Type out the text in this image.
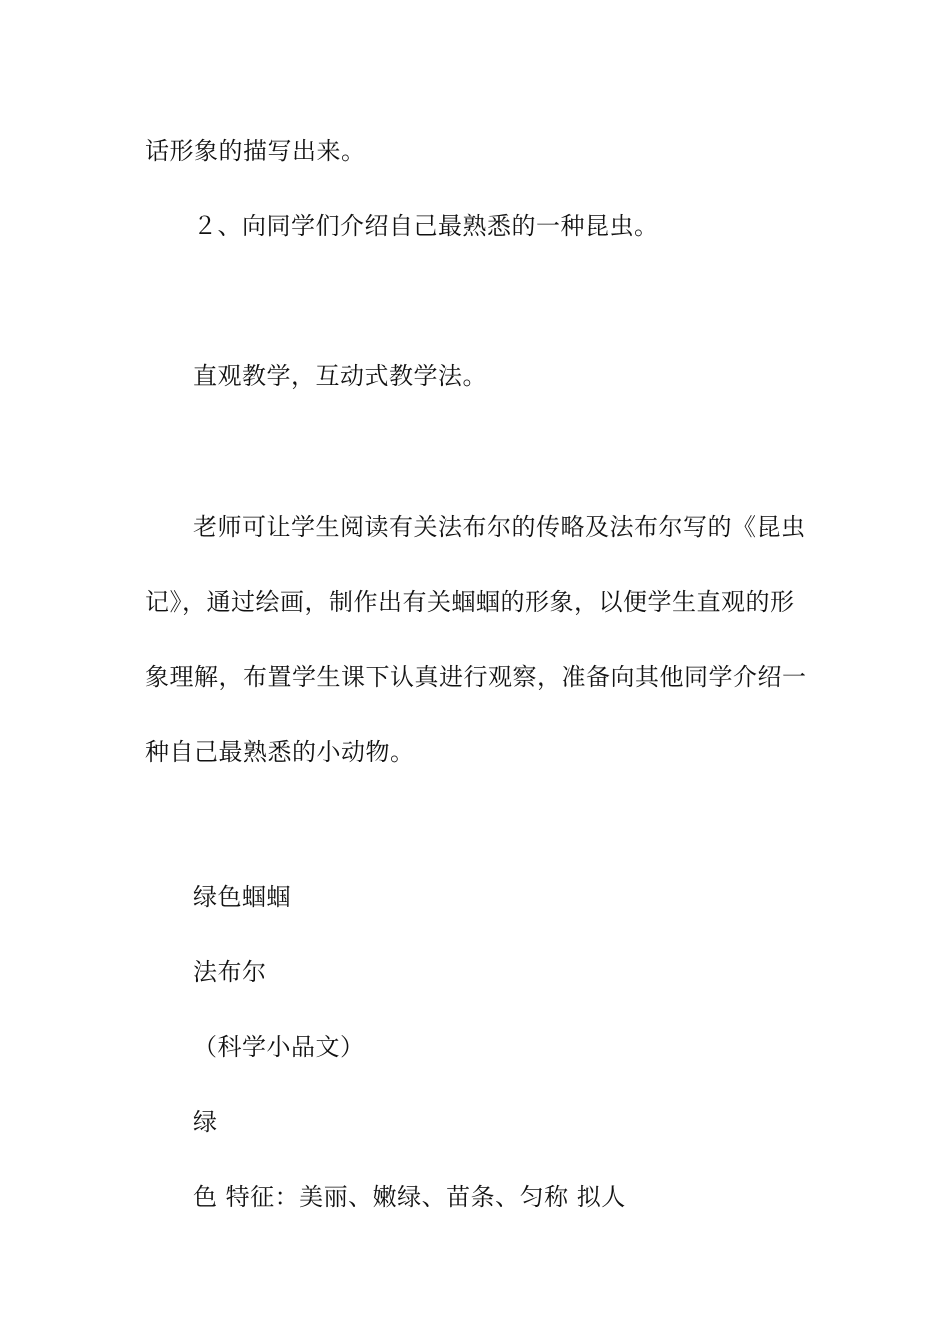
话形象的描写出来。
２、向同学们介绍自己最熟悉的一种昆虫。
直观教学，互动式教学法。
老师可让学生阅读有关法布尔的传略及法布尔写的《昆虫
记》，通过绘画，制作出有关蝈蝈的形象，以便学生直观的形
象理解，布置学生课下认真进行观察，准备向其他同学介绍一
种自己最熟悉的小动物。
绿色蝈蝈
法布尔
（科学小品文）
绿
色 特征：美丽、嫩绿、苗条、匀称 拟人
